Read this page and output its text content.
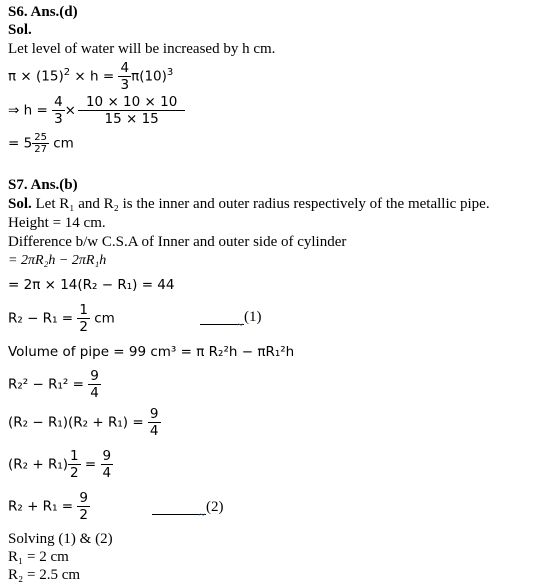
S6. Ans.(d)
Sol.
Let level of water will be increased by h cm.
$\pi \times (15)^2 \times h = \frac{4}{3} \pi(10)^3$
⇒ $h = \frac{4}{3} \times \frac{10 \times 10 \times 10}{15 \times 15}$
= $5 \frac{25}{27}$ cm
S7. Ans.(b)
Sol. Let R₁ and R₂ is the inner and outer radius respectively of the metallic pipe.
Height = 14 cm.
Difference b/w C.S.A of Inner and outer side of cylinder
= 2πR₂h − 2πR₁h
= 2π × 14(R₂ − R₁) = 44
$R_2 - R_1 = \frac{1}{2}$ cm	~ (1)
Volume of pipe = 99 cm³ = π R₂²h − πR₁²h
$R_2^2 - R_1^2 = \frac{9}{4}$
$(R_2 - R_1)(R_2 + R_1) = \frac{9}{4}$
$(R_2 + R_1) \frac{1}{2} = \frac{9}{4}$
$R_2 + R_1 = \frac{9}{2}$	~ (2)
Solving (1) & (2)
R₁ = 2 cm
R₂ = 2.5 cm
